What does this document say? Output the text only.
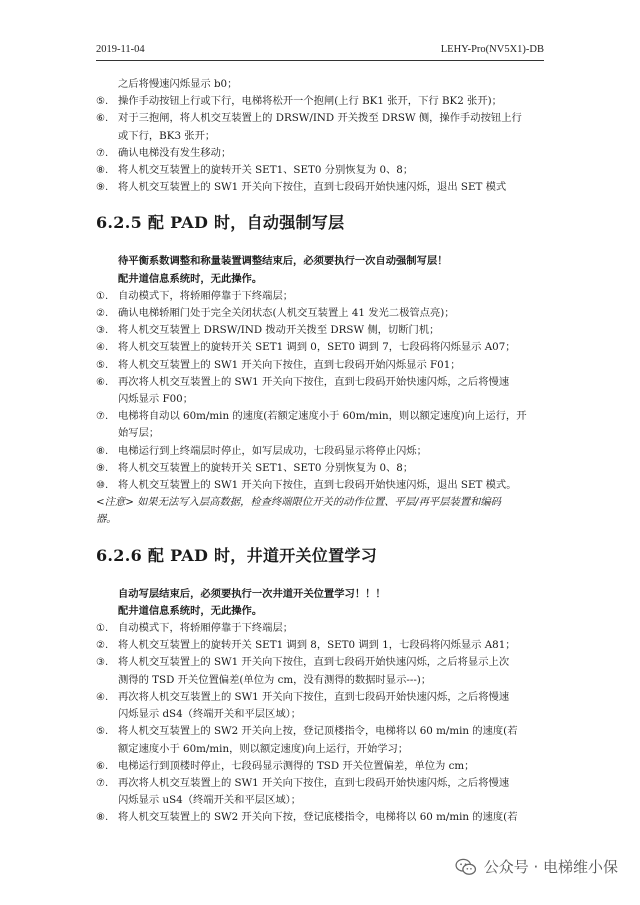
2019-11-04	LEHY-Pro(NV5X1)-DB
之后将慢速闪烁显示 b0；
⑤. 操作手动按钮上行或下行，电梯将松开一个抱闸(上行 BK1 张开，下行 BK2 张开)；
⑥. 对于三抱闸，将人机交互装置上的 DRSW/IND 开关拨至 DRSW 侧，操作手动按钮上行
或下行，BK3 张开；
⑦. 确认电梯没有发生移动；
⑧. 将人机交互装置上的旋转开关 SET1、SET0 分别恢复为 0、8；
⑨. 将人机交互装置上的 SW1 开关向下按住，直到七段码开始快速闪烁，退出 SET 模式
6.2.5 配 PAD 时，自动强制写层
待平衡系数调整和称量装置调整结束后，必须要执行一次自动强制写层！
配井道信息系统时，无此操作。
①. 自动模式下，将轿厢停靠于下终端层；
②. 确认电梯轿厢门处于完全关闭状态(人机交互装置上 41 发光二极管点亮)；
③. 将人机交互装置上 DRSW/IND 拨动开关拨至 DRSW 侧，切断门机；
④. 将人机交互装置上的旋转开关 SET1 调到 0，SET0 调到 7，七段码将闪烁显示 A07；
⑤. 将人机交互装置上的 SW1 开关向下按住，直到七段码开始闪烁显示 F01；
⑥. 再次将人机交互装置上的 SW1 开关向下按住，直到七段码开始快速闪烁，之后将慢速
闪烁显示 F00；
⑦. 电梯将自动以 60m/min 的速度(若额定速度小于 60m/min，则以额定速度)向上运行，开
始写层；
⑧. 电梯运行到上终端层时停止，如写层成功，七段码显示将停止闪烁；
⑨. 将人机交互装置上的旋转开关 SET1、SET0 分别恢复为 0、8；
⑩. 将人机交互装置上的 SW1 开关向下按住，直到七段码开始快速闪烁，退出 SET 模式。
<注意> 如果无法写入层高数据，检查终端限位开关的动作位置、平层/再平层装置和编码
器。
6.2.6 配 PAD 时，井道开关位置学习
自动写层结束后，必须要执行一次井道开关位置学习！！！
配井道信息系统时，无此操作。
①. 自动模式下，将轿厢停靠于下终端层；
②. 将人机交互装置上的旋转开关 SET1 调到 8，SET0 调到 1，七段码将闪烁显示 A81；
③. 将人机交互装置上的 SW1 开关向下按住，直到七段码开始快速闪烁，之后将显示上次
测得的 TSD 开关位置偏差(单位为 cm，没有测得的数据时显示---)；
④. 再次将人机交互装置上的 SW1 开关向下按住，直到七段码开始快速闪烁，之后将慢速
闪烁显示 dS4（终端开关和平层区域）；
⑤. 将人机交互装置上的 SW2 开关向上按，登记顶楼指令，电梯将以 60 m/min 的速度(若
额定速度小于 60m/min，则以额定速度)向上运行，开始学习；
⑥. 电梯运行到顶楼时停止，七段码显示测得的 TSD 开关位置偏差，单位为 cm；
⑦. 再次将人机交互装置上的 SW1 开关向下按住，直到七段码开始快速闪烁，之后将慢速
闪烁显示 uS4（终端开关和平层区域）；
⑧. 将人机交互装置上的 SW2 开关向下按，登记底楼指令，电梯将以 60 m/min 的速度(若
公众号 · 电梯维小保
